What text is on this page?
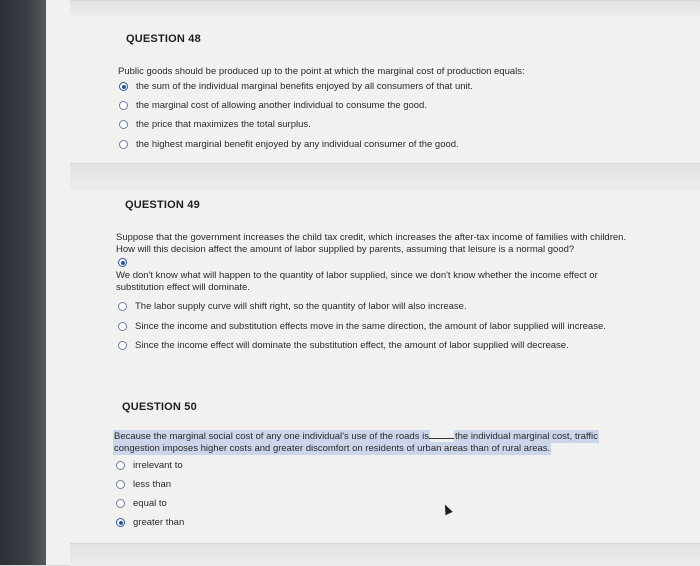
QUESTION 48
Public goods should be produced up to the point at which the marginal cost of production equals:
the sum of the individual marginal benefits enjoyed by all consumers of that unit.
the marginal cost of allowing another individual to consume the good.
the price that maximizes the total surplus.
the highest marginal benefit enjoyed by any individual consumer of the good.
QUESTION 49
Suppose that the government increases the child tax credit, which increases the after-tax income of families with children.
How will this decision affect the amount of labor supplied by parents, assuming that leisure is a normal good?
We don't know what will happen to the quantity of labor supplied, since we don't know whether the income effect or
substitution effect will dominate.
The labor supply curve will shift right, so the quantity of labor will also increase.
Since the income and substitution effects move in the same direction, the amount of labor supplied will increase.
Since the income effect will dominate the substitution effect, the amount of labor supplied will decrease.
QUESTION 50
Because the marginal social cost of any one individual's use of the roads is	the individual marginal cost, traffic
congestion imposes higher costs and greater discomfort on residents of urban areas than of rural areas.
irrelevant to
less than
equal to
greater than
